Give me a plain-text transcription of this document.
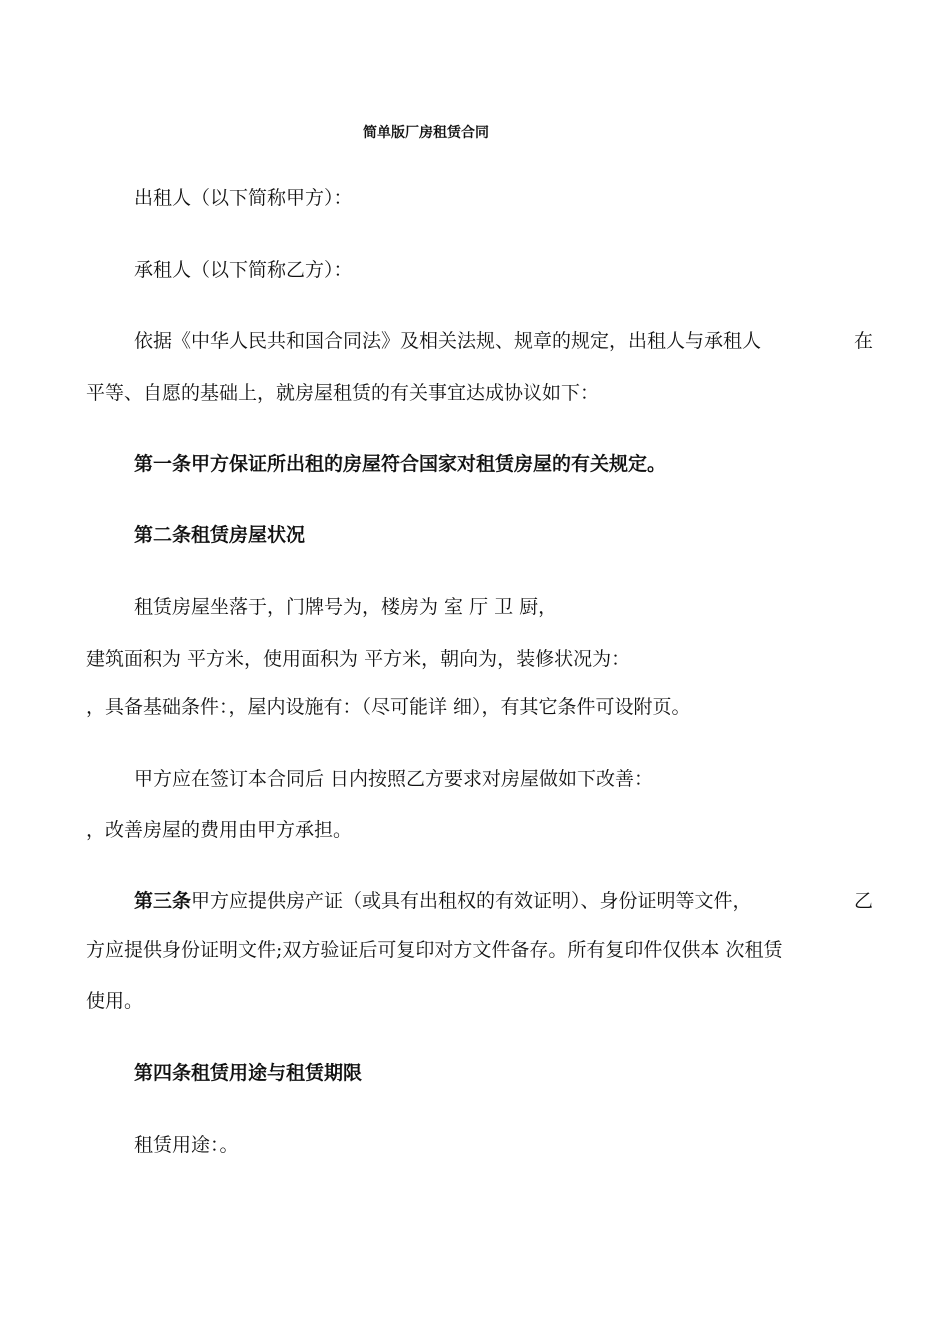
简单版厂房租赁合同
出租人（以下简称甲方）：
承租人（以下简称乙方）：
依据《中华人民共和国合同法》及相关法规、规章的规定，出租人与承租人	在
平等、自愿的基础上，就房屋租赁的有关事宜达成协议如下：
第一条甲方保证所出租的房屋符合国家对租赁房屋的有关规定。
第二条租赁房屋状况
租赁房屋坐落于，门牌号为，楼房为 室 厅 卫 厨，
建筑面积为 平方米，使用面积为 平方米，朝向为，装修状况为：
，具备基础条件：，屋内设施有：（尽可能详 细），有其它条件可设附页。
甲方应在签订本合同后 日内按照乙方要求对房屋做如下改善：
，改善房屋的费用由甲方承担。
第三条甲方应提供房产证（或具有出租权的有效证明）、身份证明等文件，	乙
方应提供身份证明文件;双方验证后可复印对方文件备存。所有复印件仅供本 次租赁
使用。
第四条租赁用途与租赁期限
租赁用途：。
